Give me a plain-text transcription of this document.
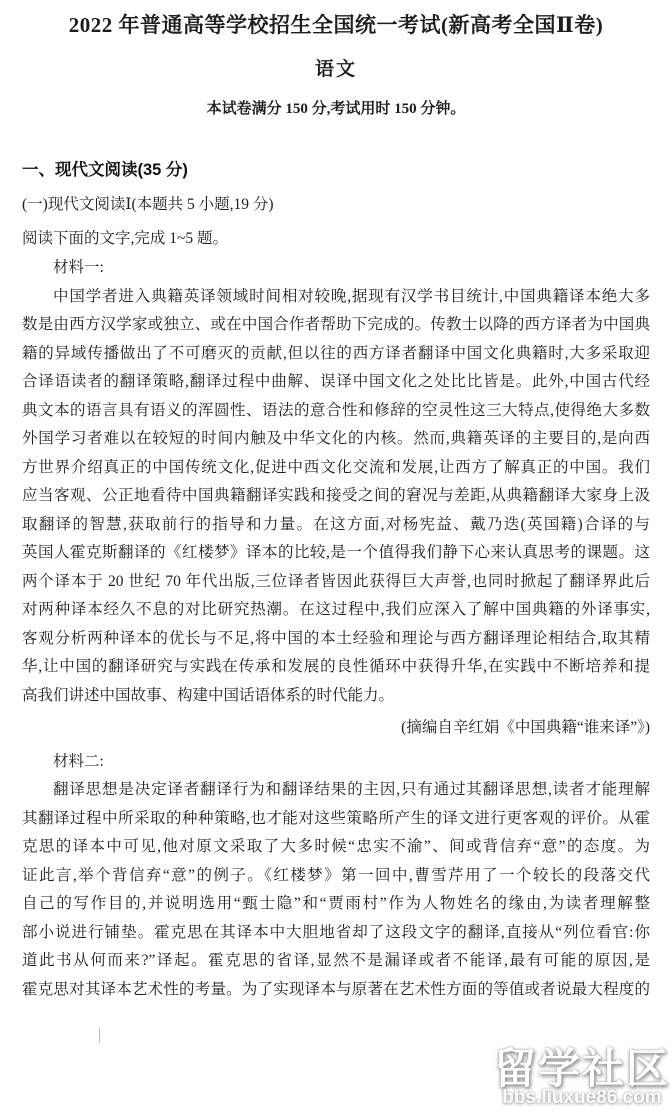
2022 年普通高等学校招生全国统一考试(新高考全国Ⅱ卷)
语文
本试卷满分 150 分,考试用时 150 分钟。
一、现代文阅读(35 分)
(一)现代文阅读Ⅰ(本题共 5 小题,19 分)
阅读下面的文字,完成 1~5 题。
材料一:
中国学者进入典籍英译领域时间相对较晚,据现有汉学书目统计,中国典籍译本绝大多
数是由西方汉学家或独立、或在中国合作者帮助下完成的。传教士以降的西方译者为中国典
籍的异域传播做出了不可磨灭的贡献,但以往的西方译者翻译中国文化典籍时,大多采取迎
合译语读者的翻译策略,翻译过程中曲解、误译中国文化之处比比皆是。此外,中国古代经
典文本的语言具有语义的浑圆性、语法的意合性和修辞的空灵性这三大特点,使得绝大多数
外国学习者难以在较短的时间内触及中华文化的内核。然而,典籍英译的主要目的,是向西
方世界介绍真正的中国传统文化,促进中西文化交流和发展,让西方了解真正的中国。我们
应当客观、公正地看待中国典籍翻译实践和接受之间的窘况与差距,从典籍翻译大家身上汲
取翻译的智慧,获取前行的指导和力量。在这方面,对杨宪益、戴乃迭(英国籍)合译的与
英国人霍克斯翻译的《红楼梦》译本的比较,是一个值得我们静下心来认真思考的课题。这
两个译本于 20 世纪 70 年代出版,三位译者皆因此获得巨大声誉,也同时掀起了翻译界此后
对两种译本经久不息的对比研究热潮。在这过程中,我们应深入了解中国典籍的外译事实,
客观分析两种译本的优长与不足,将中国的本土经验和理论与西方翻译理论相结合,取其精
华,让中国的翻译研究与实践在传承和发展的良性循环中获得升华,在实践中不断培养和提
高我们讲述中国故事、构建中国话语体系的时代能力。
(摘编自辛红娟《中国典籍“谁来译”》)
材料二:
翻译思想是决定译者翻译行为和翻译结果的主因,只有通过其翻译思想,读者才能理解
其翻译过程中所采取的种种策略,也才能对这些策略所产生的译文进行更客观的评价。从霍
克思的译本中可见,他对原文采取了大多时候“忠实不渝”、间或背信弃“意”的态度。为
证此言,举个背信弃“意”的例子。《红楼梦》第一回中,曹雪芹用了一个较长的段落交代
自己的写作目的,并说明选用“甄士隐”和“贾雨村”作为人物姓名的缘由,为读者理解整
部小说进行铺垫。霍克思在其译本中大胆地省却了这段文字的翻译,直接从“列位看官:你
道此书从何而来?”译起。霍克思的省译,显然不是漏译或者不能译,最有可能的原因,是
霍克思对其译本艺术性的考量。为了实现译本与原著在艺术性方面的等值或者说最大程度的
留学社区
bbs.liuxue86.com
